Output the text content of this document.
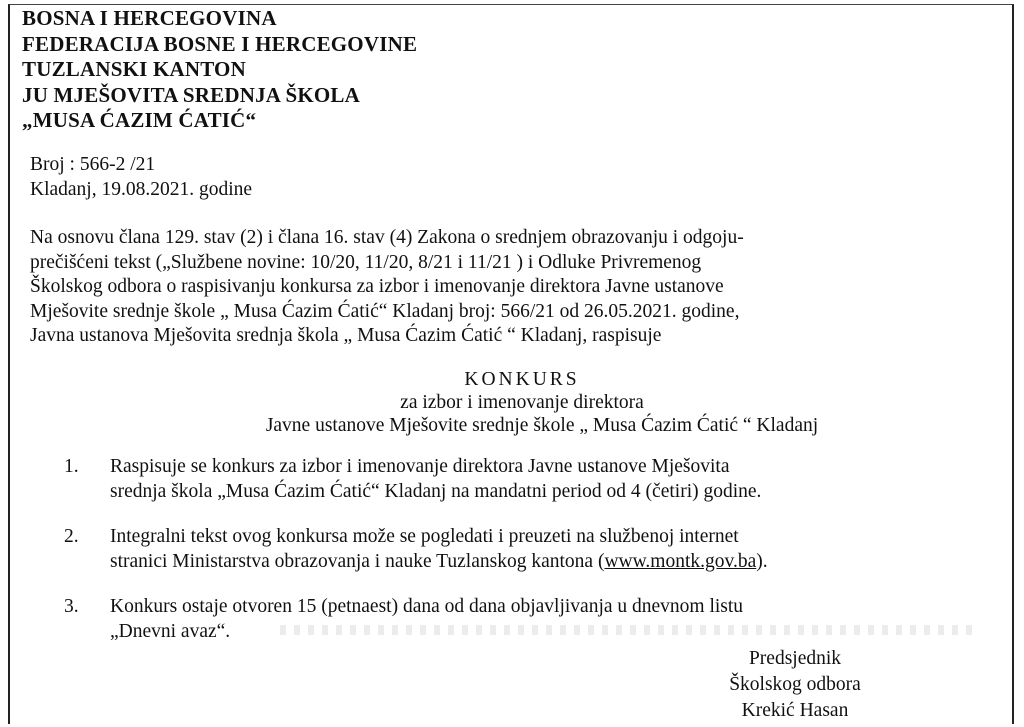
BOSNA I HERCEGOVINA
FEDERACIJA BOSNE I HERCEGOVINE
TUZLANSKI KANTON
JU MJEŠOVITA SREDNJA ŠKOLA
„MUSA ĆAZIM ĆATIĆ“
Broj : 566-2 /21
Kladanj, 19.08.2021. godine
Na osnovu člana 129. stav (2) i člana 16. stav (4) Zakona o srednjem obrazovanju i odgoju-
prečišćeni tekst („Službene novine: 10/20, 11/20, 8/21 i 11/21 ) i Odluke Privremenog
Školskog odbora o raspisivanju konkursa za izbor i imenovanje direktora Javne ustanove
Mješovite srednje škole „ Musa Ćazim Ćatić“ Kladanj broj: 566/21 od 26.05.2021. godine,
Javna ustanova Mješovita srednja škola „ Musa Ćazim Ćatić “ Kladanj, raspisuje
KONKURS
za izbor i imenovanje direktora
Javne ustanove Mješovite srednje škole „ Musa Ćazim Ćatić “ Kladanj
1. Raspisuje se konkurs za izbor i imenovanje direktora Javne ustanove Mješovita
srednja škola „Musa Ćazim Ćatić“ Kladanj na mandatni period od 4 (četiri) godine.
2. Integralni tekst ovog konkursa može se pogledati i preuzeti na službenoj internet
stranici Ministarstva obrazovanja i nauke Tuzlanskog kantona (www.montk.gov.ba).
3. Konkurs ostaje otvoren 15 (petnaest) dana od dana objavljivanja u dnevnom listu
„Dnevni avaz“.
Predsjednik
Školskog odbora
Krekić Hasan
